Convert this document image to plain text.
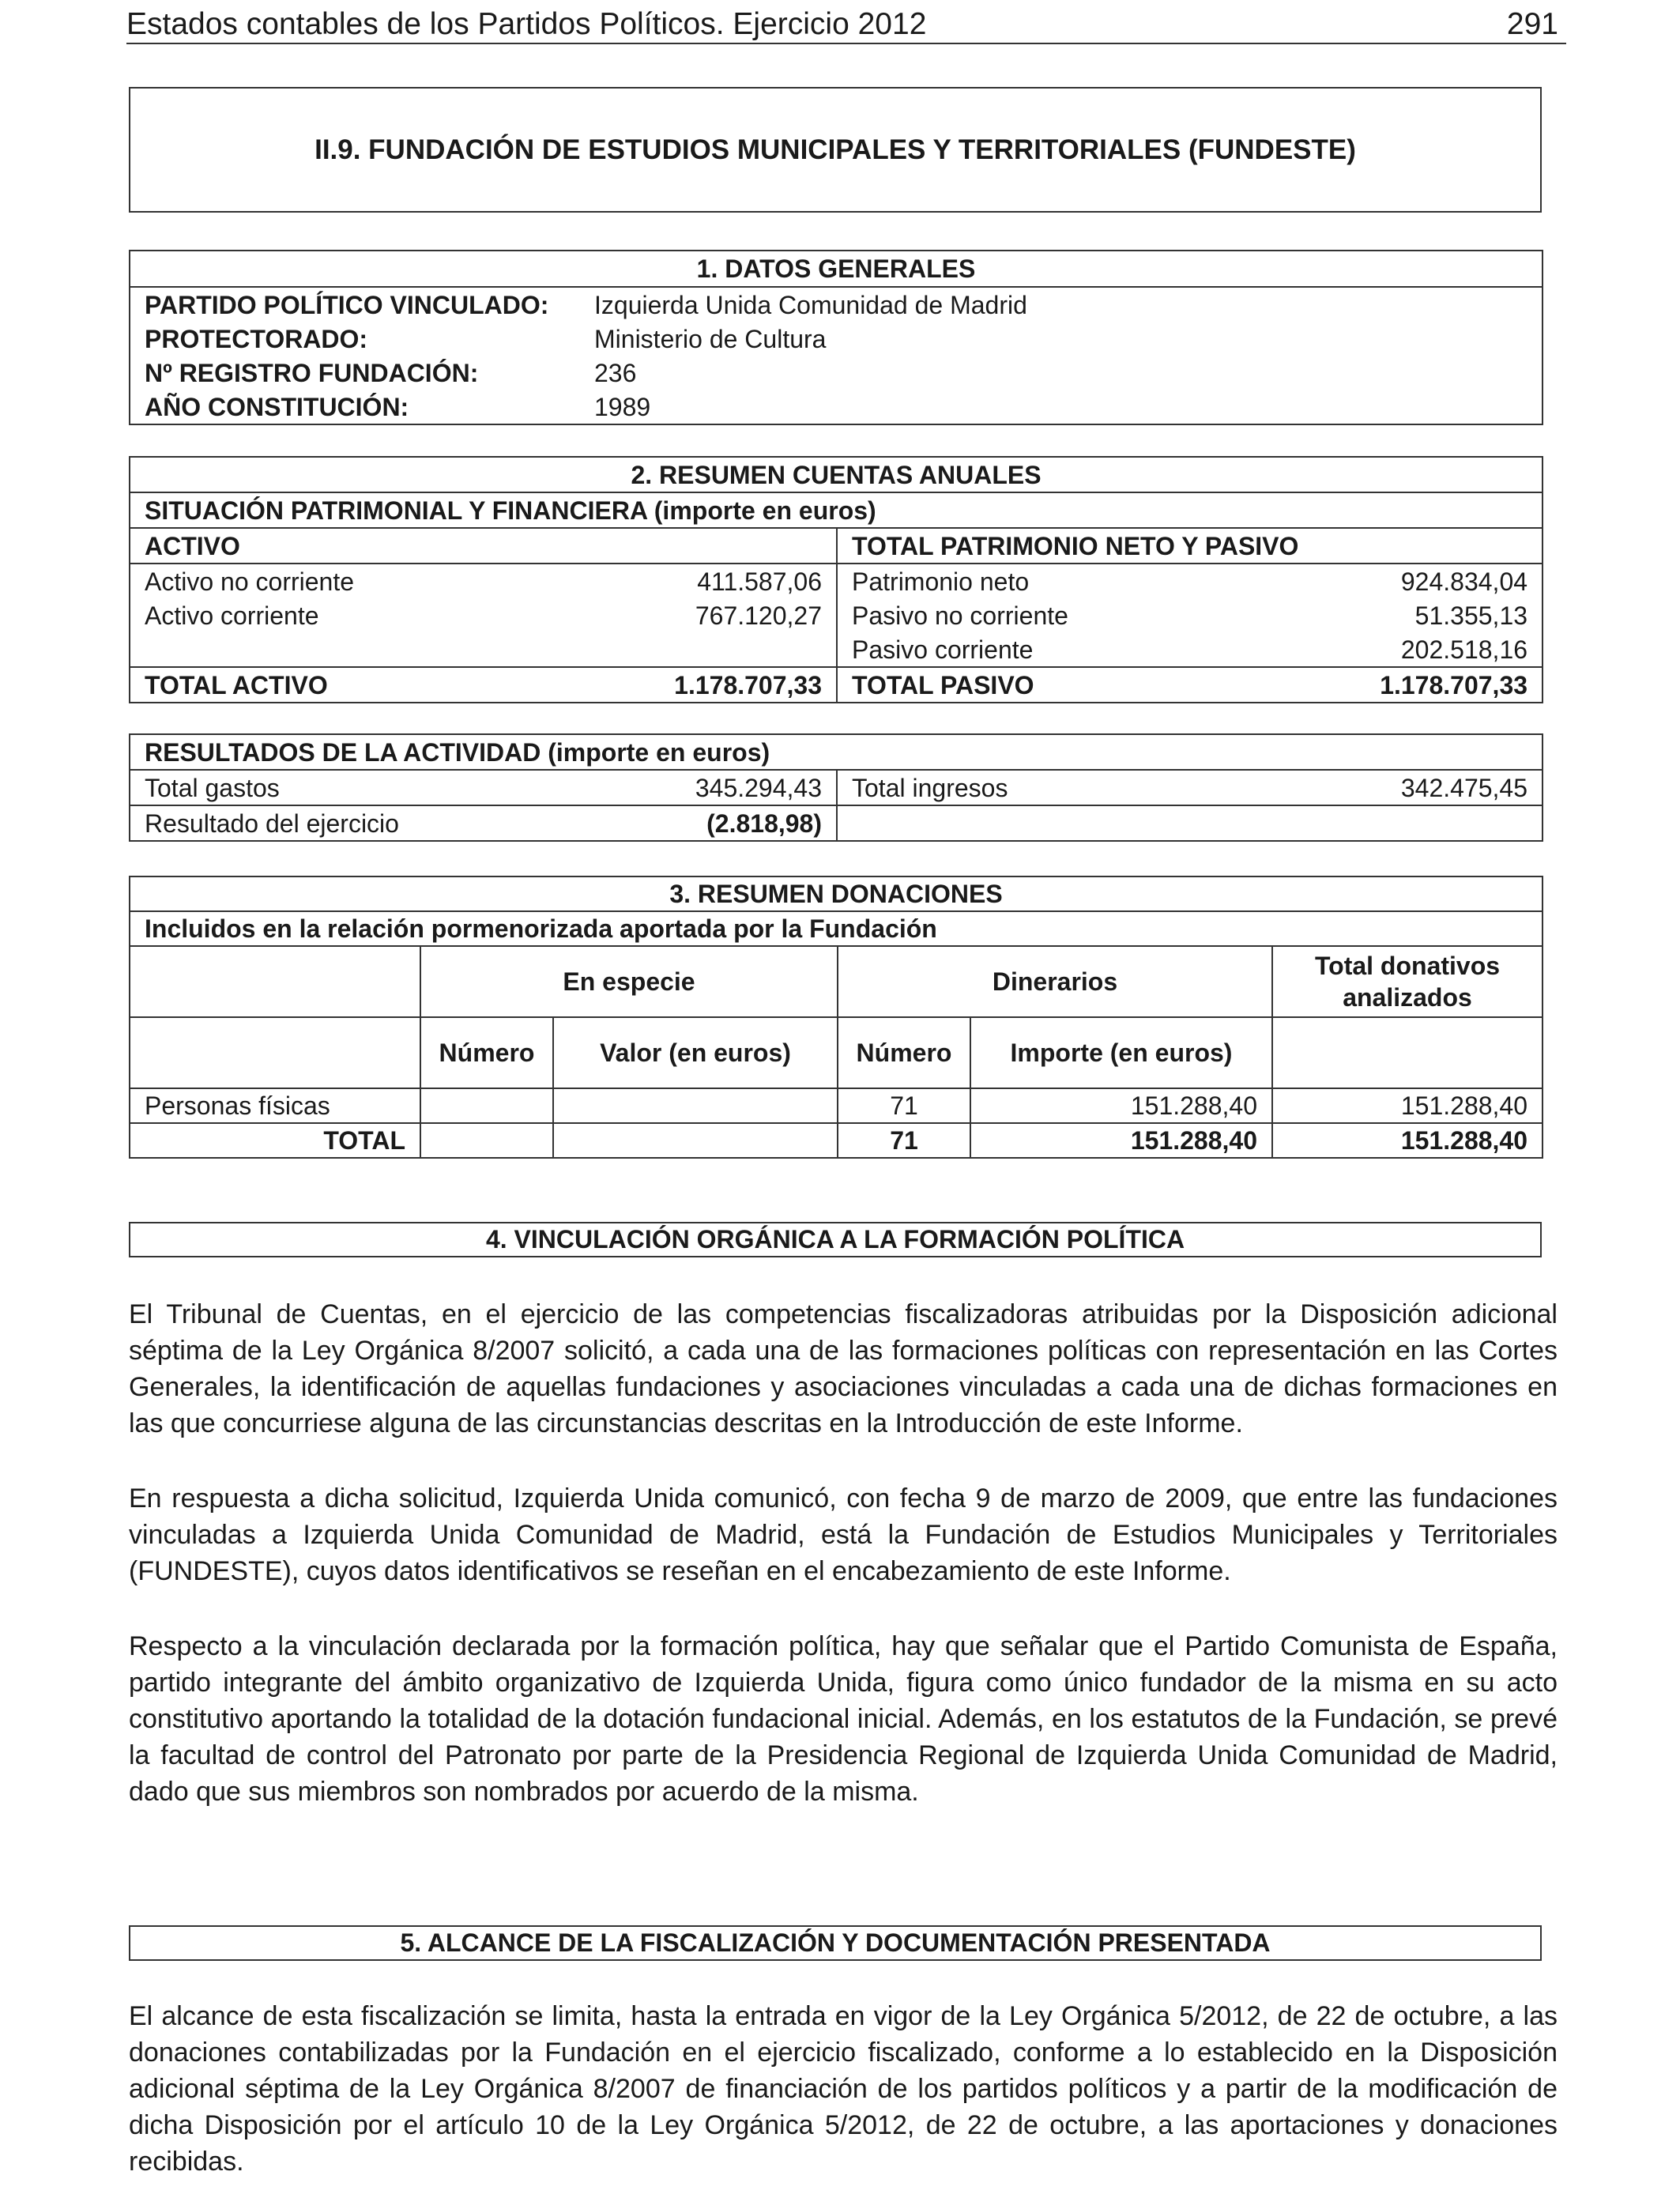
Estados contables de los Partidos Políticos. Ejercicio 2012	291
II.9. FUNDACIÓN DE ESTUDIOS MUNICIPALES Y TERRITORIALES (FUNDESTE)
1. DATOS GENERALES	
PARTIDO POLÍTICO VINCULADO:	Izquierda Unida Comunidad de Madrid
PROTECTORADO:	Ministerio de Cultura
Nº REGISTRO FUNDACIÓN:	236
AÑO CONSTITUCIÓN:	1989
2. RESUMEN CUENTAS ANUALES			
SITUACIÓN PATRIMONIAL Y FINANCIERA (importe en euros)			
ACTIVO		TOTAL PATRIMONIO NETO Y PASIVO	
Activo no corriente	411.587,06	Patrimonio neto	924.834,04
Activo corriente	767.120,27	Pasivo no corriente	51.355,13
		Pasivo corriente	202.518,16
TOTAL ACTIVO	1.178.707,33	TOTAL PASIVO	1.178.707,33
RESULTADOS DE LA ACTIVIDAD (importe en euros)			
Total gastos	345.294,43	Total ingresos	342.475,45
Resultado del ejercicio	(2.818,98)		
3. RESUMEN DONACIONES					
Incluidos en la relación pormenorizada aportada por la Fundación					
	En especie		Dinerarios		Total donativos analizados
	Número	Valor (en euros)	Número	Importe (en euros)	
Personas físicas			71	151.288,40	151.288,40
TOTAL			71	151.288,40	151.288,40
4. VINCULACIÓN ORGÁNICA A LA FORMACIÓN POLÍTICA

El Tribunal de Cuentas, en el ejercicio de las competencias fiscalizadoras atribuidas por la Disposición adicional séptima de la Ley Orgánica 8/2007 solicitó, a cada una de las formaciones políticas con representación en las Cortes Generales, la identificación de aquellas fundaciones y asociaciones vinculadas a cada una de dichas formaciones en las que concurriese alguna de las circunstancias descritas en la Introducción de este Informe.

En respuesta a dicha solicitud, Izquierda Unida comunicó, con fecha 9 de marzo de 2009, que entre las fundaciones vinculadas a Izquierda Unida Comunidad de Madrid, está la Fundación de Estudios Municipales y Territoriales (FUNDESTE), cuyos datos identificativos se reseñan en el encabezamiento de este Informe.

Respecto a la vinculación declarada por la formación política, hay que señalar que el Partido Comunista de España, partido integrante del ámbito organizativo de Izquierda Unida, figura como único fundador de la misma en su acto constitutivo aportando la totalidad de la dotación fundacional inicial. Además, en los estatutos de la Fundación, se prevé la facultad de control del Patronato por parte de la Presidencia Regional de Izquierda Unida Comunidad de Madrid, dado que sus miembros son nombrados por acuerdo de la misma.

5. ALCANCE DE LA FISCALIZACIÓN Y DOCUMENTACIÓN PRESENTADA

El alcance de esta fiscalización se limita, hasta la entrada en vigor de la Ley Orgánica 5/2012, de 22 de octubre, a las donaciones contabilizadas por la Fundación en el ejercicio fiscalizado, conforme a lo establecido en la Disposición adicional séptima de la Ley Orgánica 8/2007 de financiación de los partidos políticos y a partir de la modificación de dicha Disposición por el artículo 10 de la Ley Orgánica 5/2012, de 22 de octubre, a las aportaciones y donaciones recibidas.
